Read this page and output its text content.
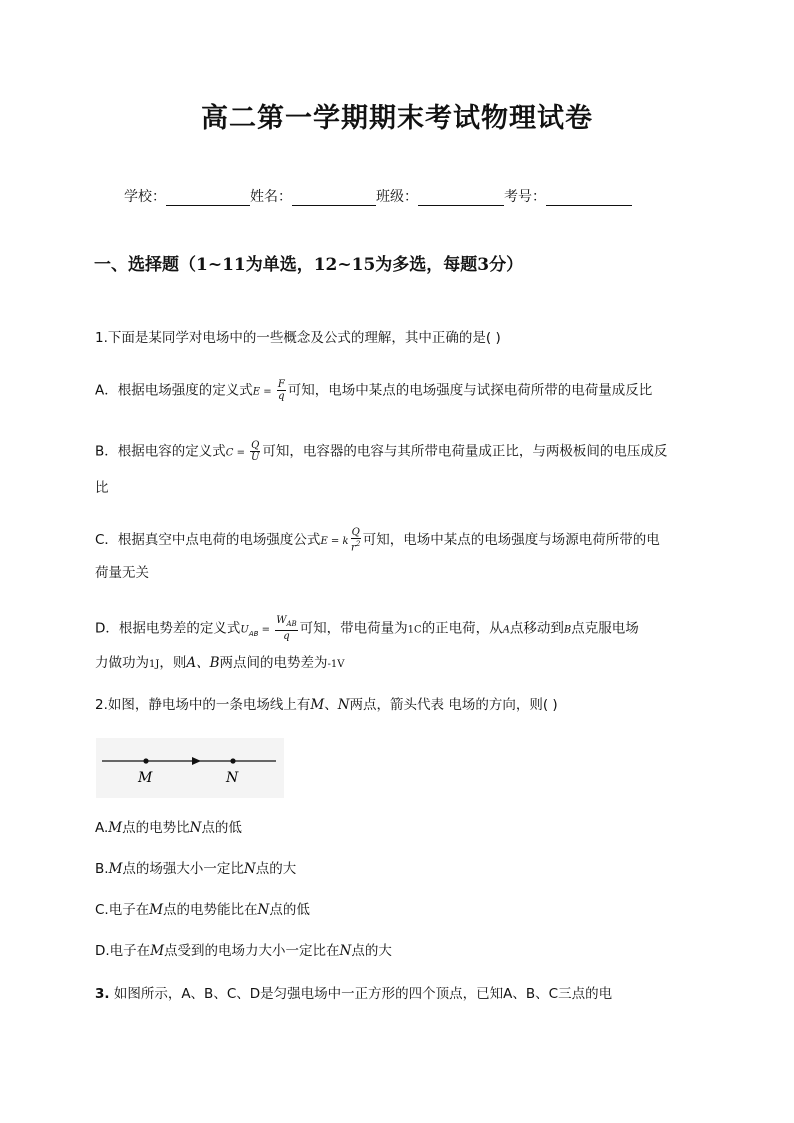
高二第一学期期末考试物理试卷
学校：	姓名：	班级：	考号：
一、选择题（1~11为单选，12~15为多选，每题3分）
1.下面是某同学对电场中的一些概念及公式的理解，其中正确的是( )
A．根据电场强度的定义式$E = \frac{F}{q}$ 可知，电场中某点的电场强度与试探电荷所带的电荷量成反比
B．根据电容的定义式$C = \frac{Q}{U}$ 可知，电容器的电容与其所带电荷量成正比，与两极板间的电压成反
比
C．根据真空中点电荷的电场强度公式E = k $\frac{Q}{r^2}$ 可知，电场中某点的电场强度与场源电荷所带的电
荷量无关
D．根据电势差的定义式$U_{AB} = \frac{W_{AB}}{q}$ 可知，带电荷量为1C的正电荷，从A点移动到B点克服电场
力做功为1J，则A、B两点间的电势差为-1V
2.如图，静电场中的一条电场线上有M、N两点，箭头代表 电场的方向，则( )
M	N
A.M点的电势比N点的低
B.M点的场强大小一定比N点的大
C.电子在M点的电势能比在N点的低
D.电子在M点受到的电场力大小一定比在N点的大
3. 如图所示，A、B、C、D是匀强电场中一正方形的四个顶点，已知A、B、C三点的电
